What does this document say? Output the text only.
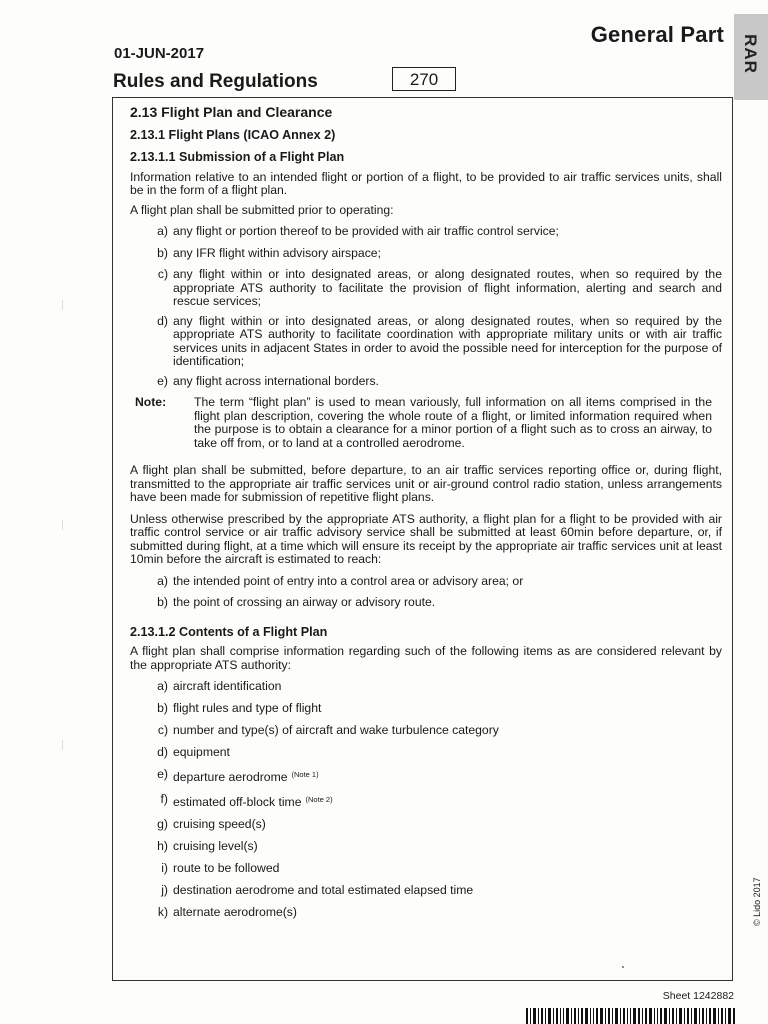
RAR
General Part
01-JUN-2017
Rules and Regulations	270
2.13 Flight Plan and Clearance
2.13.1 Flight Plans (ICAO Annex 2)
2.13.1.1 Submission of a Flight Plan
Information relative to an intended flight or portion of a flight, to be provided to air traffic services units, shall be in the form of a flight plan.
A flight plan shall be submitted prior to operating:
a) any flight or portion thereof to be provided with air traffic control service;
b) any IFR flight within advisory airspace;
c) any flight within or into designated areas, or along designated routes, when so required by the appropriate ATS authority to facilitate the provision of flight information, alerting and search and rescue services;
d) any flight within or into designated areas, or along designated routes, when so required by the appropriate ATS authority to facilitate coordination with appropriate military units or with air traffic services units in adjacent States in order to avoid the possible need for interception for the purpose of identification;
e) any flight across international borders.
Note:	The term “flight plan” is used to mean variously, full information on all items comprised in the flight plan description, covering the whole route of a flight, or limited information required when the purpose is to obtain a clearance for a minor portion of a flight such as to cross an airway, to take off from, or to land at a controlled aerodrome.
A flight plan shall be submitted, before departure, to an air traffic services reporting office or, during flight, transmitted to the appropriate air traffic services unit or air-ground control radio station, unless arrangements have been made for submission of repetitive flight plans.
Unless otherwise prescribed by the appropriate ATS authority, a flight plan for a flight to be provided with air traffic control service or air traffic advisory service shall be submitted at least 60min before departure, or, if submitted during flight, at a time which will ensure its receipt by the appropriate air traffic services unit at least 10min before the aircraft is estimated to reach:
a) the intended point of entry into a control area or advisory area; or
b) the point of crossing an airway or advisory route.
2.13.1.2 Contents of a Flight Plan
A flight plan shall comprise information regarding such of the following items as are considered relevant by the appropriate ATS authority:
a) aircraft identification
b) flight rules and type of flight
c) number and type(s) of aircraft and wake turbulence category
d) equipment
e) departure aerodrome $^{(Note 1)}$
f) estimated off-block time $^{(Note 2)}$
g) cruising speed(s)
h) cruising level(s)
i) route to be followed
j) destination aerodrome and total estimated elapsed time
k) alternate aerodrome(s)	© Lido 2017
Sheet 1242882
